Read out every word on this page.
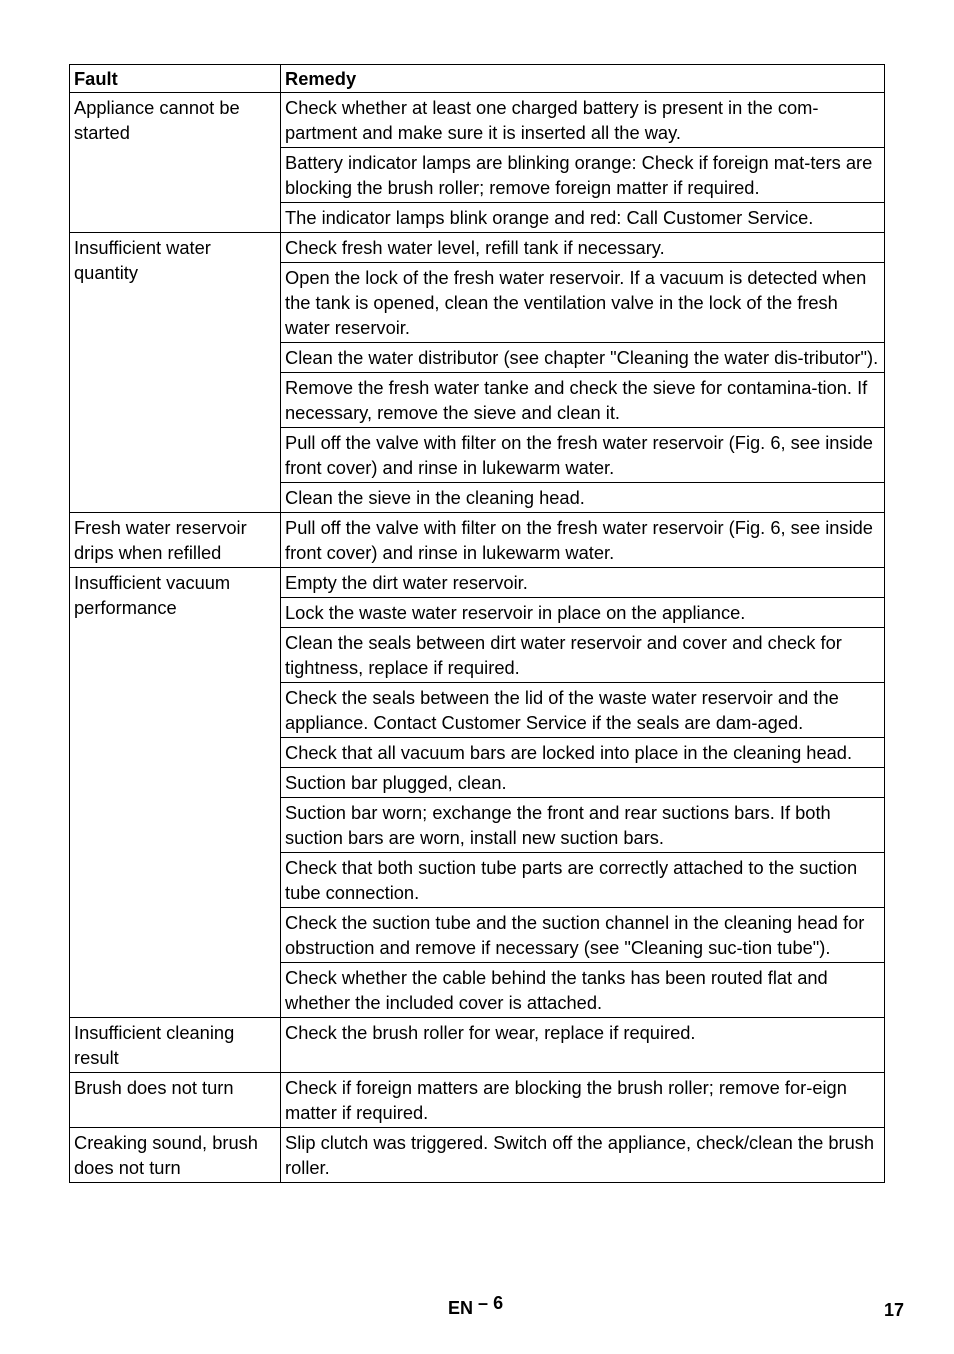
Fault	Remedy
Appliance cannot be started	Check whether at least one charged battery is present in the com-partment and make sure it is inserted all the way.
	Battery indicator lamps are blinking orange: Check if foreign mat-ters are blocking the brush roller; remove foreign matter if required.
	The indicator lamps blink orange and red: Call Customer Service.
Insufficient water quantity	Check fresh water level, refill tank if necessary.
	Open the lock of the fresh water reservoir. If a vacuum is detected when the tank is opened, clean the ventilation valve in the lock of the fresh water reservoir.
	Clean the water distributor (see chapter "Cleaning the water dis-tributor").
	Remove the fresh water tanke and check the sieve for contamina-tion. If necessary, remove the sieve and clean it.
	Pull off the valve with filter on the fresh water reservoir (Fig. 6, see inside front cover) and rinse in lukewarm water.
	Clean the sieve in the cleaning head.
Fresh water reservoir drips when refilled	Pull off the valve with filter on the fresh water reservoir (Fig. 6, see inside front cover) and rinse in lukewarm water.
Insufficient vacuum performance	Empty the dirt water reservoir.
	Lock the waste water reservoir in place on the appliance.
	Clean the seals between dirt water reservoir and cover and check for tightness, replace if required.
	Check the seals between the lid of the waste water reservoir and the appliance. Contact Customer Service if the seals are dam-aged.
	Check that all vacuum bars are locked into place in the cleaning head.
	Suction bar plugged, clean.
	Suction bar worn; exchange the front and rear suctions bars. If both suction bars are worn, install new suction bars.
	Check that both suction tube parts are correctly attached to the suction tube connection.
	Check the suction tube and the suction channel in the cleaning head for obstruction and remove if necessary (see "Cleaning suc-tion tube").
	Check whether the cable behind the tanks has been routed flat and whether the included cover is attached.
Insufficient cleaning result	Check the brush roller for wear, replace if required.
Brush does not turn	Check if foreign matters are blocking the brush roller; remove for-eign matter if required.
Creaking sound, brush does not turn	Slip clutch was triggered. Switch off the appliance, check/clean the brush roller.
EN – 6	17
